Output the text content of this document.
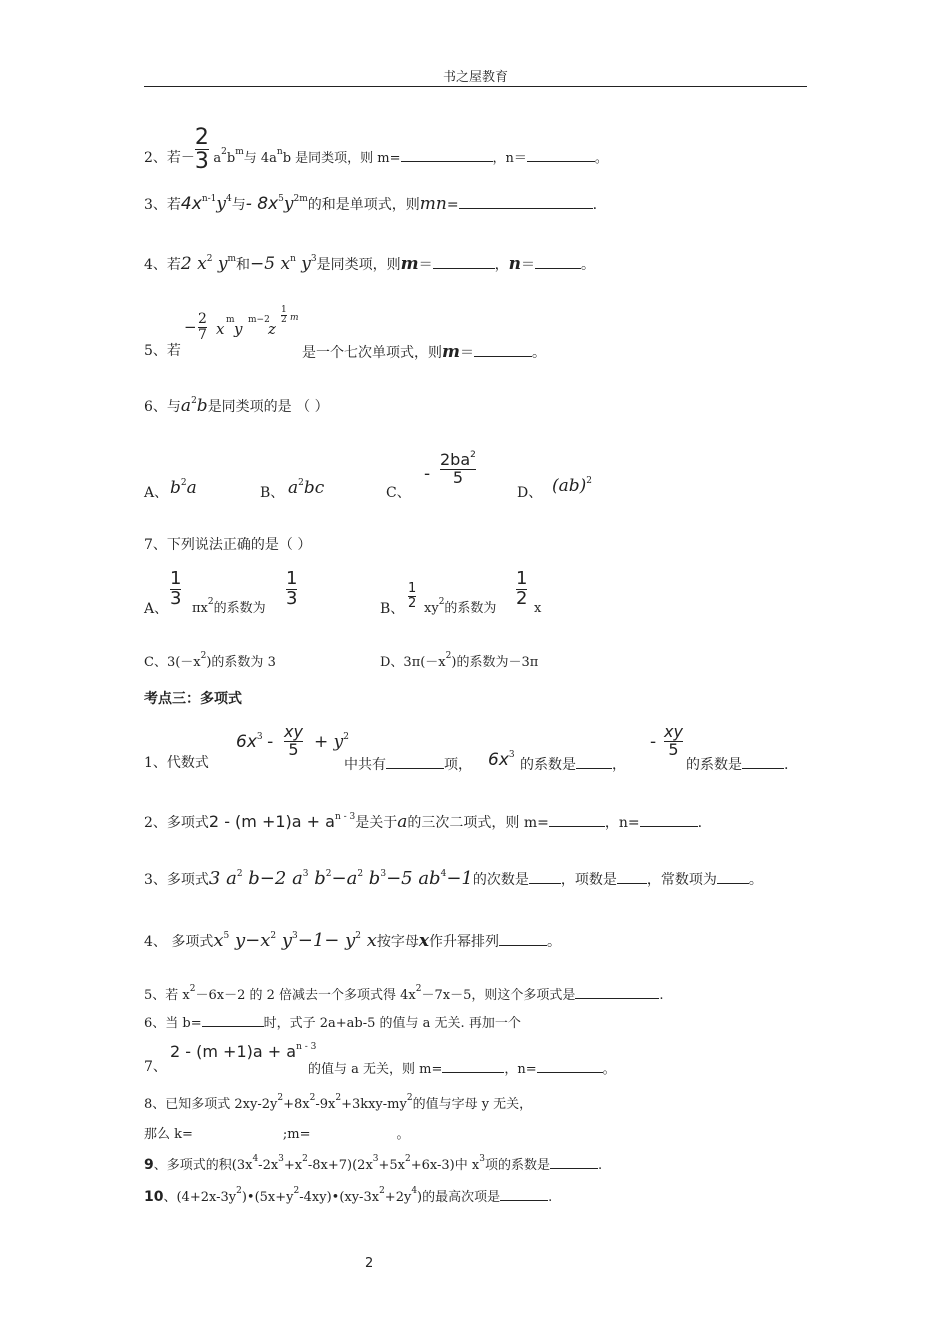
书之屋教育
2、若－ $\frac{2}{3} a^2b^m$与 $4a^nb$ 是同类项，则 m=	，n＝	。
3、若$4x^{n-1}y^4$与- $8x^5y^{2m}$的和是单项式，则mn=	.
4、若2 $x^2$ $y^m$和−5 $x^n$ $y^3$是同类项，则m＝	，n＝	。
5、若
− $\frac{2}{7}$ x m y m−2
z
$\frac{1}{2}$ m
是一个七次单项式，则m＝	。
6、与$a^2b$是同类项的是 （ ）
A、 $b^2a$	B、 $a^2bc$	C、
- $\frac{2ba^2}{5}$
D、 (ab)$^2$
7、下列说法正确的是（ ）
A、
$\frac{1}{3} \pi x^2$的系数为 $\frac{1}{3}$
B、 $\frac{1}{2} xy^2$的系数为 $\frac{1}{2}$ x
C、$3(-x^2)$的系数为 3	D、$3\pi(-x^2)$的系数为－3π
考点三：多项式
1、代数式
$6x^3 - \frac{xy}{5} + y^2$
中共有	项， $6x^3$
的系数是	，
- $\frac{xy}{5}$
的系数是	.
2、多项式$2 - (m +1)a + a^{n - 3}$是关于a的三次二项式，则 m=	，n=	.
3、多项式3 $a^2$ b−2 $a^3$ $b^2-a^2$ $b^3-5$ $ab^4-1$的次数是 ，项数是 ，常数项为 。
4、 多项式$x^5$ $y-x^2$ $y^3-1- y^2$ x按字母x作升幂排列	。
5、若 $x^2-6x-2$ 的 2 倍减去一个多项式得 $4x^2-7x-5$，则这个多项式是	.
6、当 b=	时，式子 2a+ab-5 的值与 a 无关. 再加一个
7、
$2 - (m +1)a + a^{n - 3}$
的值与 a 无关，则 m=	，n=	。
8、已知多项式 $2xy-2y^2+8x^2-9x^2+3kxy-my^2$的值与字母 y 无关，
那么 k=	;m=	。
9、多项式的积$(3x^4-2x^3+x^2-8x+7)(2x^3+5x^2+6x-3)$中 $x^3$项的系数是	.
10、$(4+2x-3y^2)•(5x+y^2-4xy)•(xy-3x^2+2y^4)$的最高次项是	.
2
